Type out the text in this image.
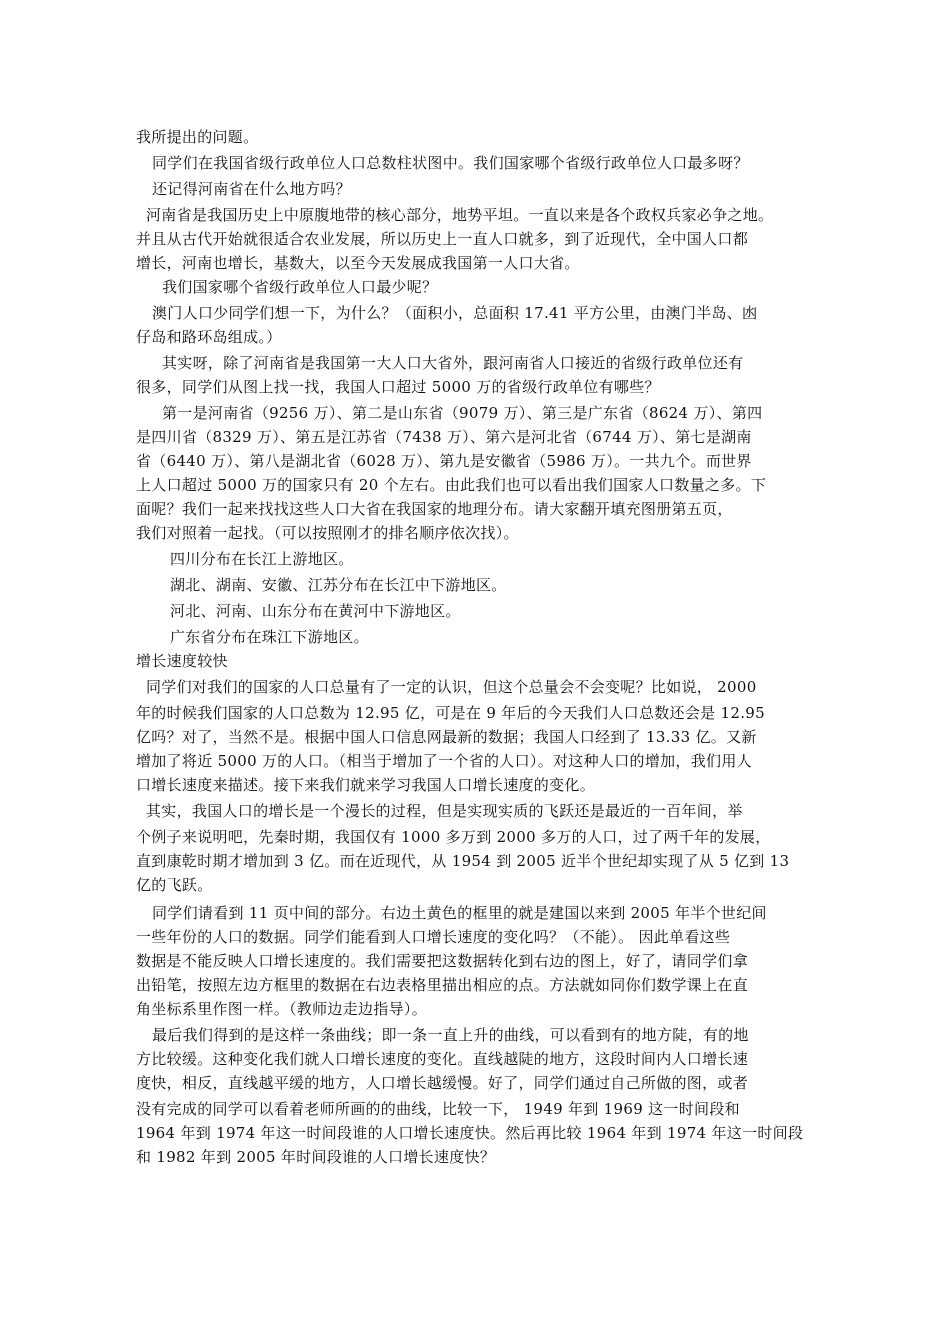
我所提出的问题。
同学们在我国省级行政单位人口总数柱状图中。我们国家哪个省级行政单位人口最多呀？
还记得河南省在什么地方吗？
河南省是我国历史上中原腹地带的核心部分，地势平坦。一直以来是各个政权兵家必争之地。
并且从古代开始就很适合农业发展，所以历史上一直人口就多，到了近现代，全中国人口都
增长，河南也增长，基数大，以至今天发展成我国第一人口大省。
我们国家哪个省级行政单位人口最少呢？
澳门人口少同学们想一下，为什么？（面积小，总面积 17.41 平方公里，由澳门半岛、凼
仔岛和路环岛组成。）
其实呀，除了河南省是我国第一大人口大省外，跟河南省人口接近的省级行政单位还有
很多，同学们从图上找一找，我国人口超过 5000 万的省级行政单位有哪些？
第一是河南省（9256 万）、第二是山东省（9079 万）、第三是广东省（8624 万）、第四
是四川省（8329 万）、第五是江苏省（7438 万）、第六是河北省（6744 万）、第七是湖南
省（6440 万）、第八是湖北省（6028 万）、第九是安徽省（5986 万）。一共九个。而世界
上人口超过 5000 万的国家只有 20 个左右。由此我们也可以看出我们国家人口数量之多。下
面呢？我们一起来找找这些人口大省在我国家的地理分布。请大家翻开填充图册第五页，
我们对照着一起找。（可以按照刚才的排名顺序依次找）。
四川分布在长江上游地区。
湖北、湖南、安徽、江苏分布在长江中下游地区。
河北、河南、山东分布在黄河中下游地区。
广东省分布在珠江下游地区。
增长速度较快
同学们对我们的国家的人口总量有了一定的认识，但这个总量会不会变呢？比如说， 2000
年的时候我们国家的人口总数为 12.95 亿，可是在 9 年后的今天我们人口总数还会是 12.95
亿吗？对了，当然不是。根据中国人口信息网最新的数据；我国人口经到了 13.33 亿。又新
增加了将近 5000 万的人口。（相当于增加了一个省的人口）。对这种人口的增加，我们用人
口增长速度来描述。接下来我们就来学习我国人口增长速度的变化。
其实，我国人口的增长是一个漫长的过程，但是实现实质的飞跃还是最近的一百年间，举
个例子来说明吧，先秦时期，我国仅有 1000 多万到 2000 多万的人口，过了两千年的发展，
直到康乾时期才增加到 3 亿。而在近现代，从 1954 到 2005 近半个世纪却实现了从 5 亿到 13
亿的飞跃。
同学们请看到 11 页中间的部分。右边土黄色的框里的就是建国以来到 2005 年半个世纪间
一些年份的人口的数据。同学们能看到人口增长速度的变化吗？（不能）。 因此单看这些
数据是不能反映人口增长速度的。我们需要把这数据转化到右边的图上，好了，请同学们拿
出铅笔，按照左边方框里的数据在右边表格里描出相应的点。方法就如同你们数学课上在直
角坐标系里作图一样。（教师边走边指导）。
最后我们得到的是这样一条曲线；即一条一直上升的曲线，可以看到有的地方陡，有的地
方比较缓。这种变化我们就人口增长速度的变化。直线越陡的地方，这段时间内人口增长速
度快，相反，直线越平缓的地方，人口增长越缓慢。好了，同学们通过自己所做的图，或者
没有完成的同学可以看着老师所画的的曲线，比较一下， 1949 年到 1969 这一时间段和
1964 年到 1974 年这一时间段谁的人口增长速度快。然后再比较 1964 年到 1974 年这一时间段
和 1982 年到 2005 年时间段谁的人口增长速度快？
